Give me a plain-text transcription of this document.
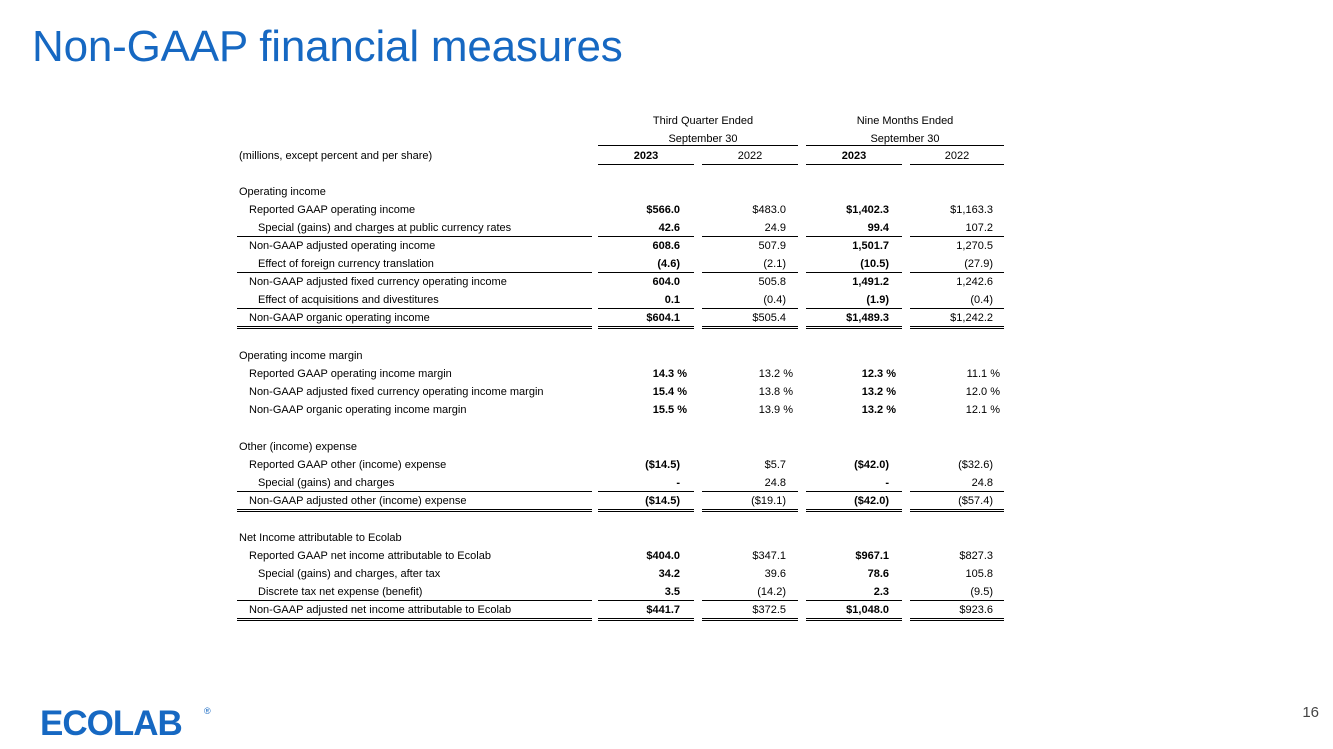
Non-GAAP financial measures
Third Quarter Ended
September 30
Nine Months Ended
September 30
(millions, except percent and per share)	2023	2022	2023	2022
Operating income
Reported GAAP operating income	$566.0	$483.0	$1,402.3	$1,163.3
Special (gains) and charges at public currency rates	42.6	24.9	99.4	107.2
Non-GAAP adjusted operating income	608.6	507.9	1,501.7	1,270.5
Effect of foreign currency translation	(4.6)	(2.1)	(10.5)	(27.9)
Non-GAAP adjusted fixed currency operating income	604.0	505.8	1,491.2	1,242.6
Effect of acquisitions and divestitures	0.1	(0.4)	(1.9)	(0.4)
Non-GAAP organic operating income	$604.1	$505.4	$1,489.3	$1,242.2
Operating income margin
Reported GAAP operating income margin	14.3 %	13.2 %	12.3 %	11.1 %
Non-GAAP adjusted fixed currency operating income margin	15.4 %	13.8 %	13.2 %	12.0 %
Non-GAAP organic operating income margin	15.5 %	13.9 %	13.2 %	12.1 %
Other (income) expense
Reported GAAP other (income) expense	($14.5)	$5.7	($42.0)	($32.6)
Special (gains) and charges	-	24.8	-	24.8
Non-GAAP adjusted other (income) expense	($14.5)	($19.1)	($42.0)	($57.4)
Net Income attributable to Ecolab
Reported GAAP net income attributable to Ecolab	$404.0	$347.1	$967.1	$827.3
Special (gains) and charges, after tax	34.2	39.6	78.6	105.8
Discrete tax net expense (benefit)	3.5	(14.2)	2.3	(9.5)
Non-GAAP adjusted net income attributable to Ecolab	$441.7	$372.5	$1,048.0	$923.6
16
ECOLAB ®
